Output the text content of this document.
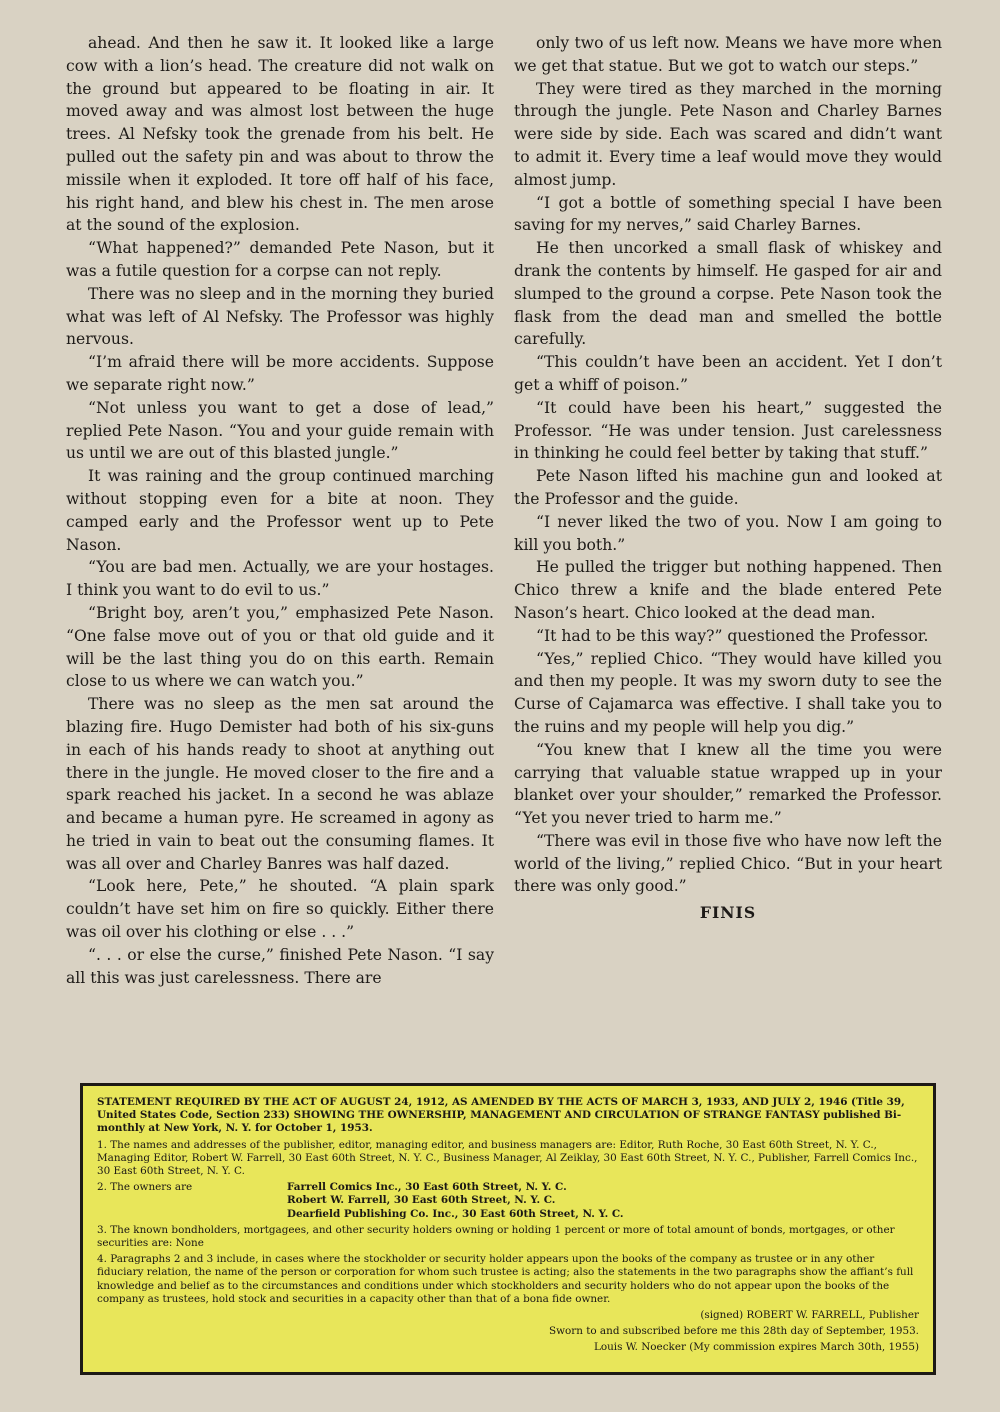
ahead. And then he saw it. It looked like a large cow with a lion’s head. The creature did not walk on the ground but appeared to be floating in air. It moved away and was almost lost between the huge trees. Al Nefsky took the grenade from his belt. He pulled out the safety pin and was about to throw the missile when it exploded. It tore off half of his face, his right hand, and blew his chest in. The men arose at the sound of the explosion.

“What happened?” demanded Pete Nason, but it was a futile question for a corpse can not reply.

There was no sleep and in the morning they buried what was left of Al Nefsky. The Professor was highly nervous.

“I’m afraid there will be more accidents. Suppose we separate right now.”

“Not unless you want to get a dose of lead,” replied Pete Nason. “You and your guide remain with us until we are out of this blasted jungle.”

It was raining and the group continued marching without stopping even for a bite at noon. They camped early and the Professor went up to Pete Nason.

“You are bad men. Actually, we are your hostages. I think you want to do evil to us.”

“Bright boy, aren’t you,” emphasized Pete Nason. “One false move out of you or that old guide and it will be the last thing you do on this earth. Remain close to us where we can watch you.”

There was no sleep as the men sat around the blazing fire. Hugo Demister had both of his six-guns in each of his hands ready to shoot at anything out there in the jungle. He moved closer to the fire and a spark reached his jacket. In a second he was ablaze and became a human pyre. He screamed in agony as he tried in vain to beat out the consuming flames. It was all over and Charley Banres was half dazed.

“Look here, Pete,” he shouted. “A plain spark couldn’t have set him on fire so quickly. Either there was oil over his clothing or else . . .”

“. . . or else the curse,” finished Pete Nason. “I say all this was just carelessness. There are

only two of us left now. Means we have more when we get that statue. But we got to watch our steps.”

They were tired as they marched in the morning through the jungle. Pete Nason and Charley Barnes were side by side. Each was scared and didn’t want to admit it. Every time a leaf would move they would almost jump.

“I got a bottle of something special I have been saving for my nerves,” said Charley Barnes.

He then uncorked a small flask of whiskey and drank the contents by himself. He gasped for air and slumped to the ground a corpse. Pete Nason took the flask from the dead man and smelled the bottle carefully.

“This couldn’t have been an accident. Yet I don’t get a whiff of poison.”

“It could have been his heart,” suggested the Professor. “He was under tension. Just carelessness in thinking he could feel better by taking that stuff.”

Pete Nason lifted his machine gun and looked at the Professor and the guide.

“I never liked the two of you. Now I am going to kill you both.”

He pulled the trigger but nothing happened. Then Chico threw a knife and the blade entered Pete Nason’s heart. Chico looked at the dead man.

“It had to be this way?” questioned the Professor.

“Yes,” replied Chico. “They would have killed you and then my people. It was my sworn duty to see the Curse of Cajamarca was effective. I shall take you to the ruins and my people will help you dig.”

“You knew that I knew all the time you were carrying that valuable statue wrapped up in your blanket over your shoulder,” remarked the Professor. “Yet you never tried to harm me.”

“There was evil in those five who have now left the world of the living,” replied Chico. “But in your heart there was only good.”

FINIS

STATEMENT REQUIRED BY THE ACT OF AUGUST 24, 1912, AS AMENDED BY THE ACTS OF MARCH 3, 1933, AND JULY 2, 1946 (Title 39, United States Code, Section 233) SHOWING THE OWNERSHIP, MANAGEMENT AND CIRCULATION OF STRANGE FANTASY published Bi-monthly at New York, N. Y. for October 1, 1953.

1. The names and addresses of the publisher, editor, managing editor, and business managers are: Editor, Ruth Roche, 30 East 60th Street, N. Y. C., Managing Editor, Robert W. Farrell, 30 East 60th Street, N. Y. C., Business Manager, Al Zeiklay, 30 East 60th Street, N. Y. C., Publisher, Farrell Comics Inc., 30 East 60th Street, N. Y. C.

2. The owners are	Farrell Comics Inc., 30 East 60th Street, N. Y. C.
Robert W. Farrell, 30 East 60th Street, N. Y. C.
Dearfield Publishing Co. Inc., 30 East 60th Street, N. Y. C.

3. The known bondholders, mortgagees, and other security holders owning or holding 1 percent or more of total amount of bonds, mortgages, or other securities are: None

4. Paragraphs 2 and 3 include, in cases where the stockholder or security holder appears upon the books of the company as trustee or in any other fiduciary relation, the name of the person or corporation for whom such trustee is acting; also the statements in the two paragraphs show the affiant’s full knowledge and belief as to the circumstances and conditions under which stockholders and security holders who do not appear upon the books of the company as trustees, hold stock and securities in a capacity other than that of a bona fide owner.

(signed) ROBERT W. FARRELL, Publisher

Sworn to and subscribed before me this 28th day of September, 1953.

Louis W. Noecker (My commission expires March 30th, 1955)
